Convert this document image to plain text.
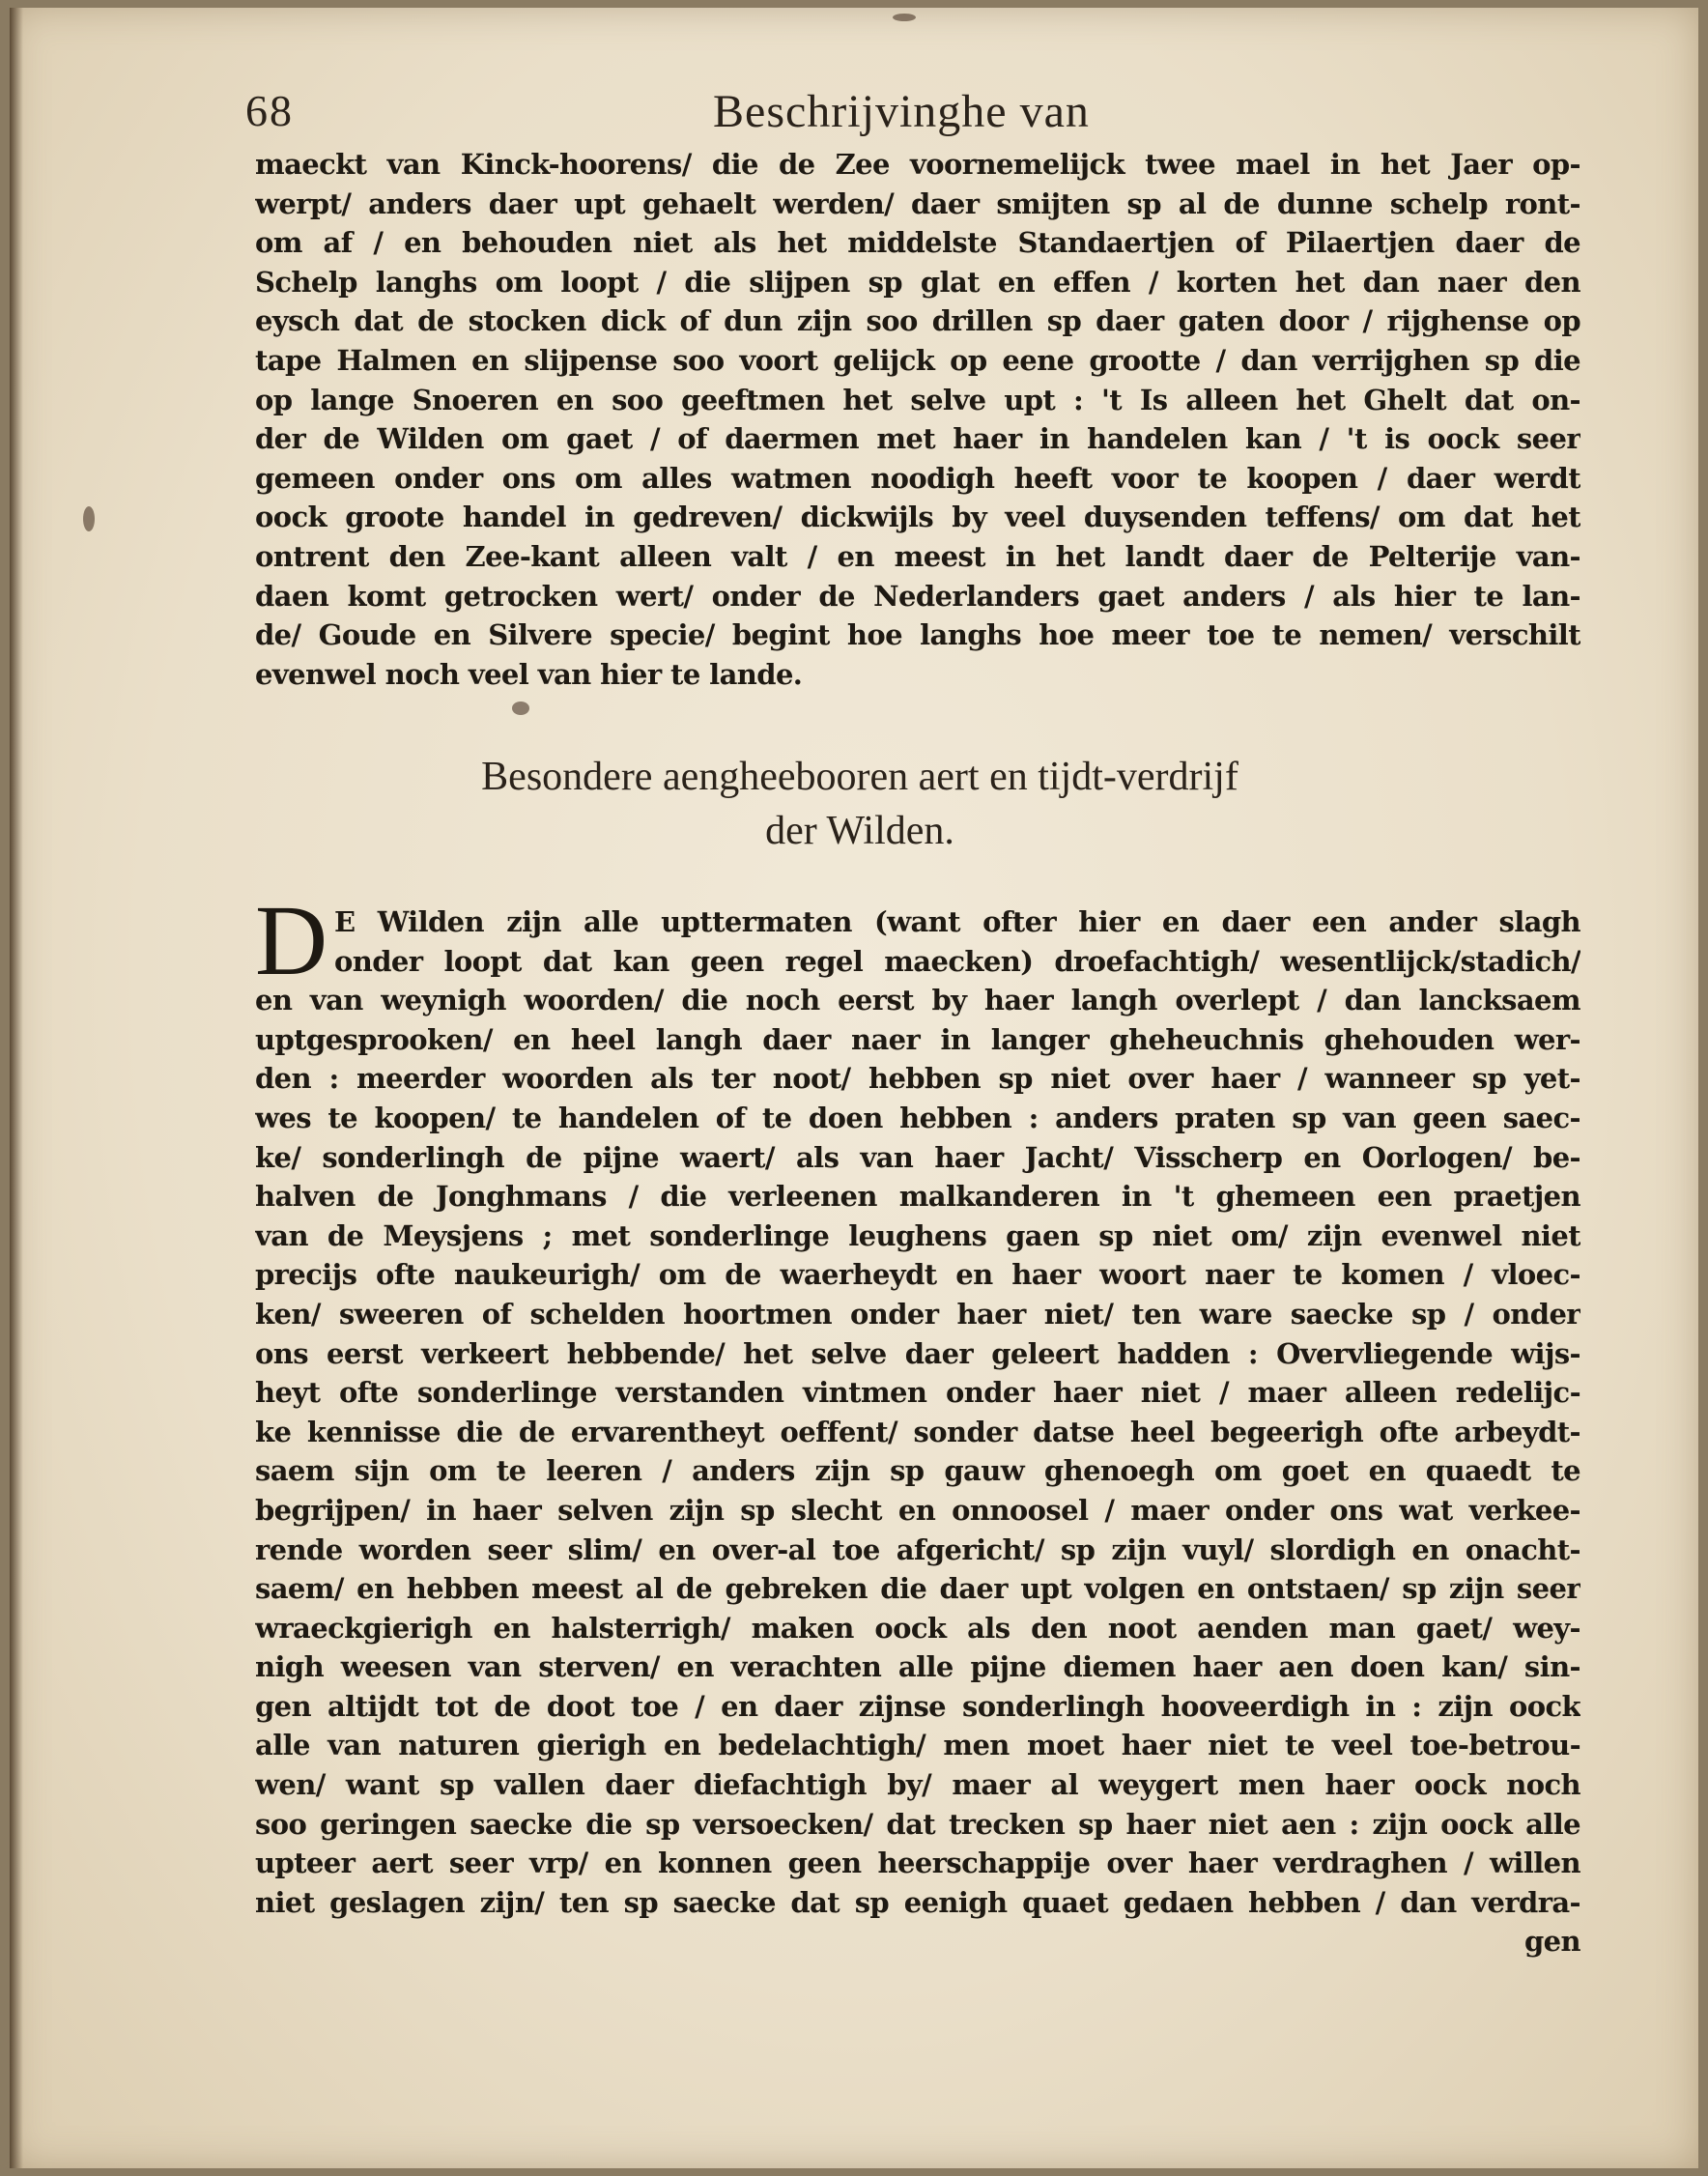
68	Beschrijvinghe van
maeckt van Kinck-hoorens/ die de Zee voornemelijck twee mael in het Jaer op-
werpt/ anders daer upt gehaelt werden/ daer smijten sp al de dunne schelp ront-
om af / en behouden niet als het middelste Standaertjen of Pilaertjen daer de
Schelp langhs om loopt / die slijpen sp glat en effen / korten het dan naer den
eysch dat de stocken dick of dun zijn soo drillen sp daer gaten door / rijghense op
tape Halmen en slijpense soo voort gelijck op eene grootte / dan verrijghen sp die
op lange Snoeren en soo geeftmen het selve upt : 't Is alleen het Ghelt dat on-
der de Wilden om gaet / of daermen met haer in handelen kan / 't is oock seer
gemeen onder ons om alles watmen noodigh heeft voor te koopen / daer werdt
oock groote handel in gedreven/ dickwijls by veel duysenden teffens/ om dat het
ontrent den Zee-kant alleen valt / en meest in het landt daer de Pelterije van-
daen komt getrocken wert/ onder de Nederlanders gaet anders / als hier te lan-
de/ Goude en Silvere specie/ begint hoe langhs hoe meer toe te nemen/ verschilt
evenwel noch veel van hier te lande.
Besondere aengheebooren aert en tijdt-verdrijf
der Wilden.
D E Wilden zijn alle upttermaten (want ofter hier en daer een ander slagh
onder loopt dat kan geen regel maecken) droefachtigh/ wesentlijck/stadich/
en van weynigh woorden/ die noch eerst by haer langh overlept / dan lancksaem
uptgesprooken/ en heel langh daer naer in langer gheheuchnis ghehouden wer-
den : meerder woorden als ter noot/ hebben sp niet over haer / wanneer sp yet-
wes te koopen/ te handelen of te doen hebben : anders praten sp van geen saec-
ke/ sonderlingh de pijne waert/ als van haer Jacht/ Visscherp en Oorlogen/ be-
halven de Jonghmans / die verleenen malkanderen in 't ghemeen een praetjen
van de Meysjens ; met sonderlinge leughens gaen sp niet om/ zijn evenwel niet
precijs ofte naukeurigh/ om de waerheydt en haer woort naer te komen / vloec-
ken/ sweeren of schelden hoortmen onder haer niet/ ten ware saecke sp / onder
ons eerst verkeert hebbende/ het selve daer geleert hadden : Overvliegende wijs-
heyt ofte sonderlinge verstanden vintmen onder haer niet / maer alleen redelijc-
ke kennisse die de ervarentheyt oeffent/ sonder datse heel begeerigh ofte arbeydt-
saem sijn om te leeren / anders zijn sp gauw ghenoegh om goet en quaedt te
begrijpen/ in haer selven zijn sp slecht en onnoosel / maer onder ons wat verkee-
rende worden seer slim/ en over-al toe afgericht/ sp zijn vuyl/ slordigh en onacht-
saem/ en hebben meest al de gebreken die daer upt volgen en ontstaen/ sp zijn seer
wraeckgierigh en halsterrigh/ maken oock als den noot aenden man gaet/ wey-
nigh weesen van sterven/ en verachten alle pijne diemen haer aen doen kan/ sin-
gen altijdt tot de doot toe / en daer zijnse sonderlingh hooveerdigh in : zijn oock
alle van naturen gierigh en bedelachtigh/ men moet haer niet te veel toe-betrou-
wen/ want sp vallen daer diefachtigh by/ maer al weygert men haer oock noch
soo geringen saecke die sp versoecken/ dat trecken sp haer niet aen : zijn oock alle
upteer aert seer vrp/ en konnen geen heerschappije over haer verdraghen / willen
niet geslagen zijn/ ten sp saecke dat sp eenigh quaet gedaen hebben / dan verdra-
gen
